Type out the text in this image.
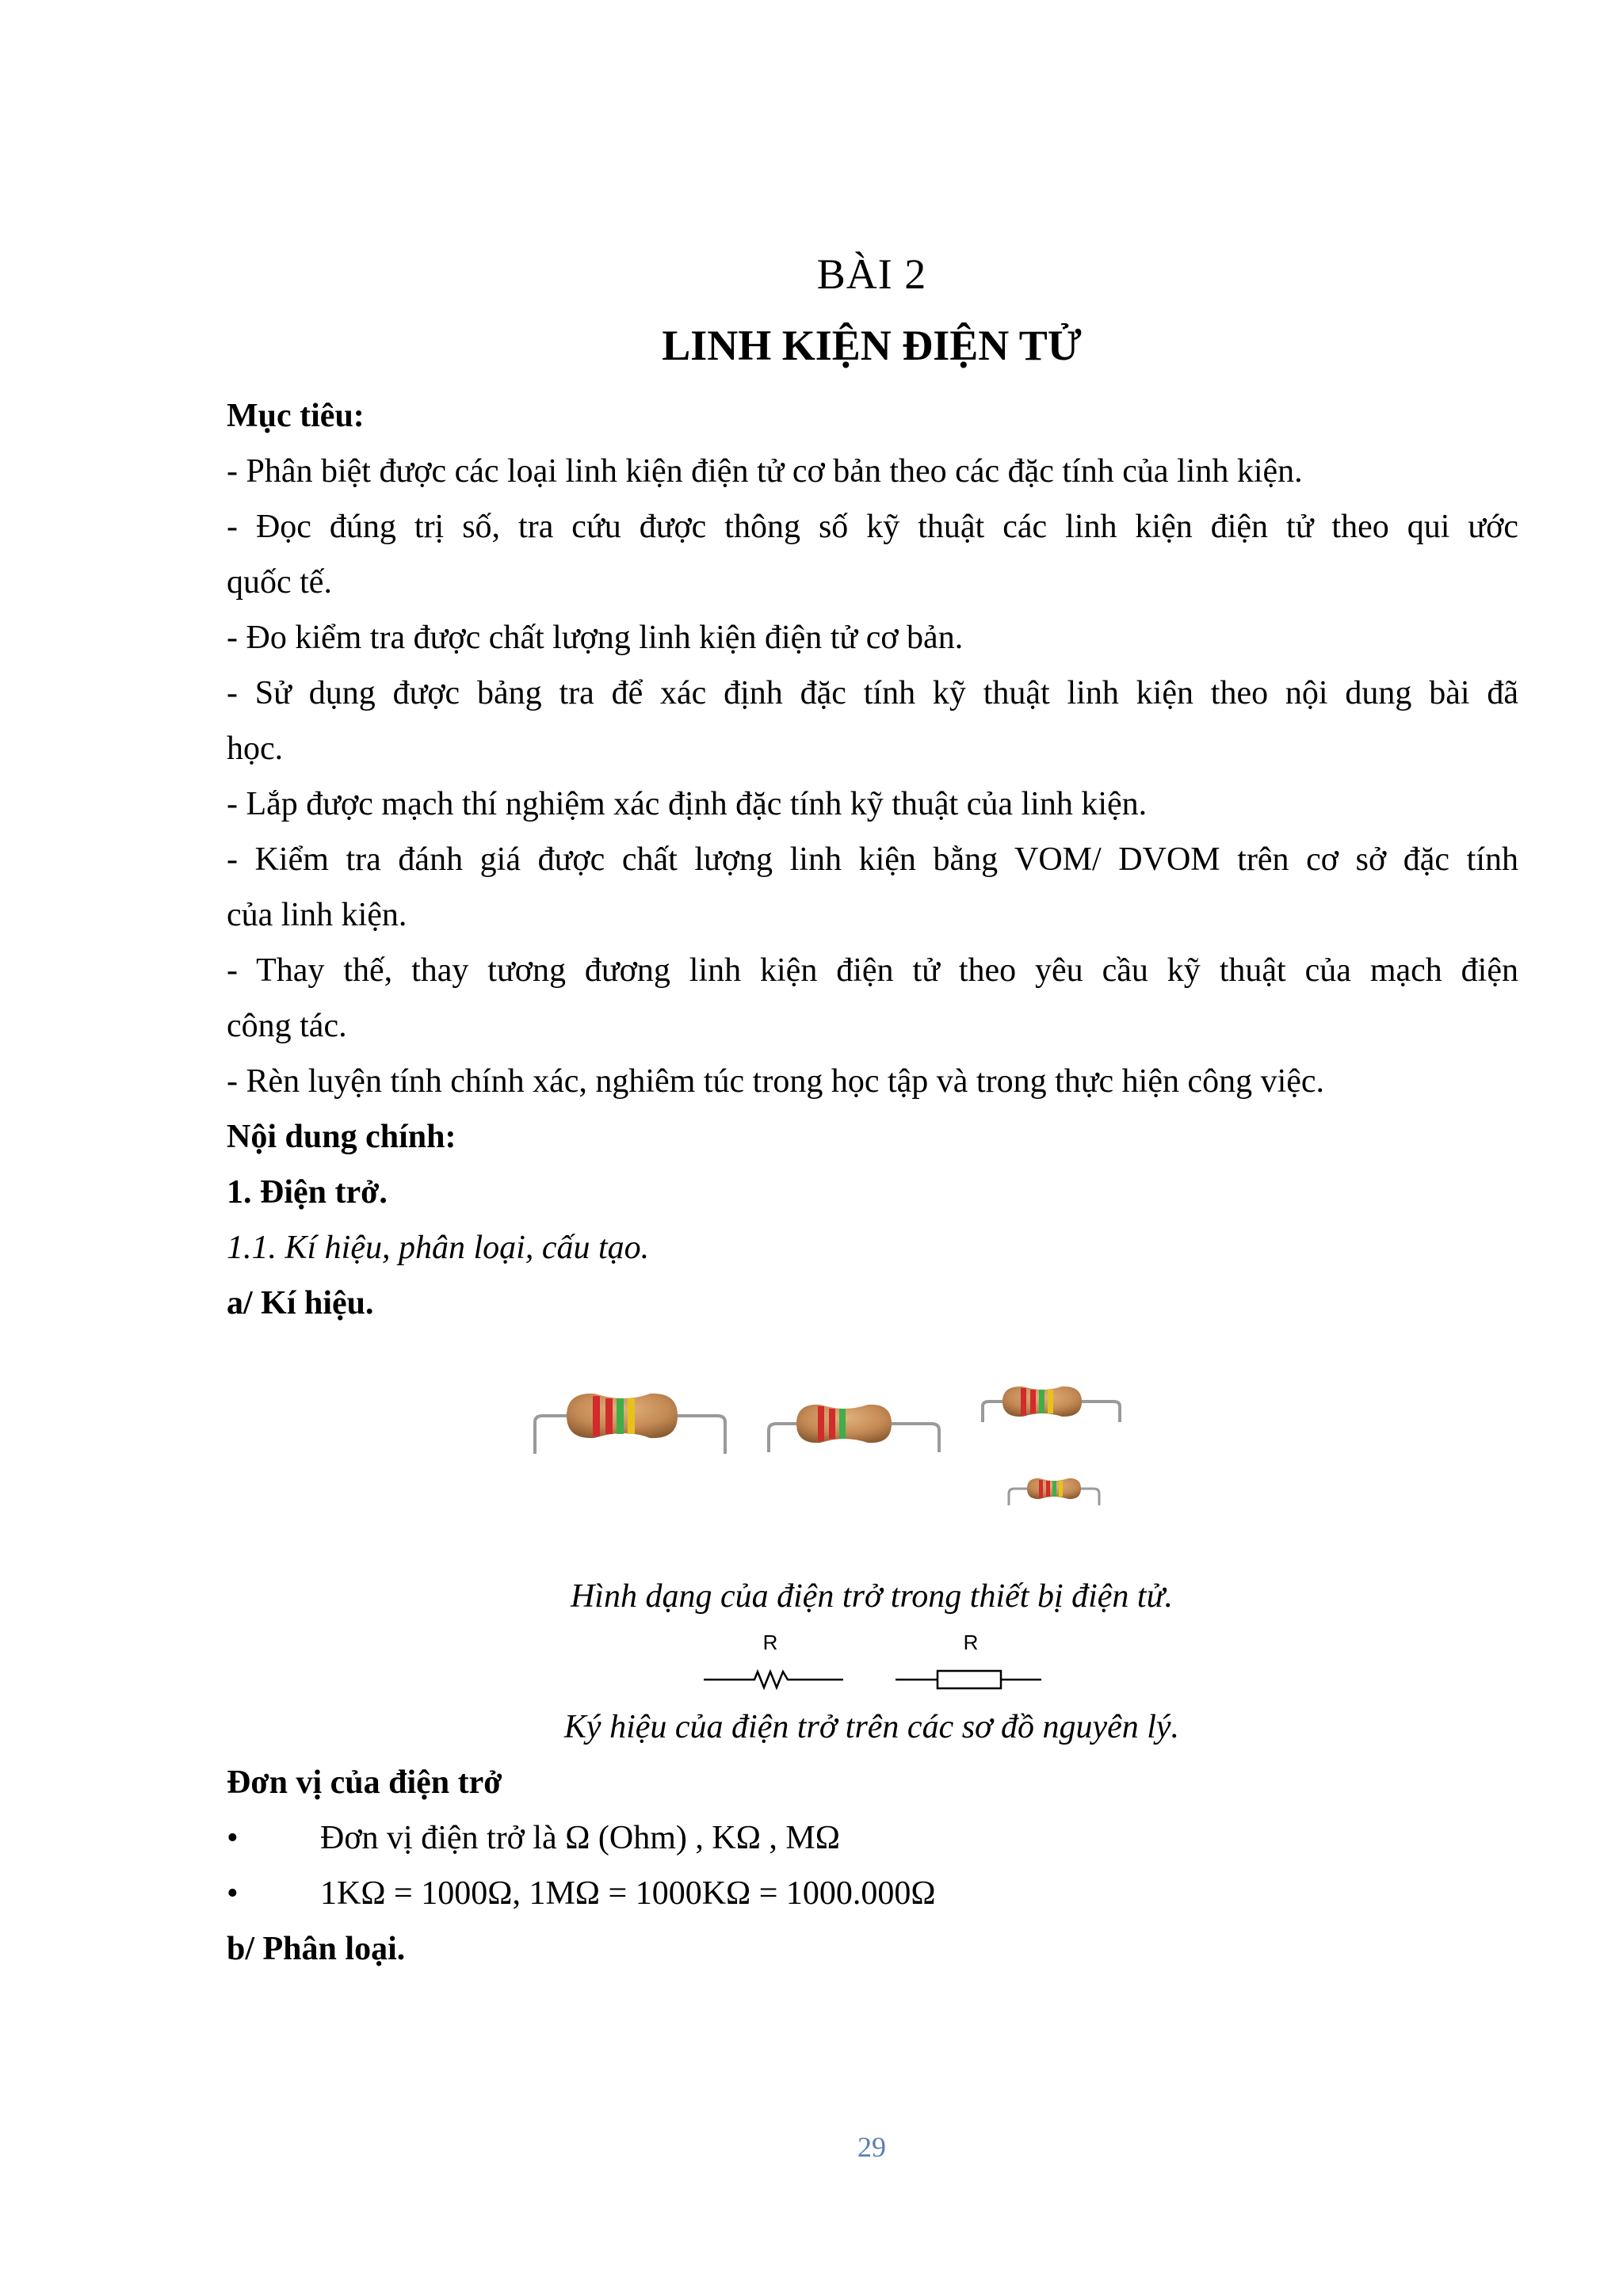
BÀI 2
LINH KIỆN ĐIỆN TỬ
Mục tiêu:
- Phân biệt được các loại linh kiện điện tử cơ bản theo các đặc tính của linh kiện.
- Đọc đúng trị số, tra cứu được thông số kỹ thuật các linh kiện điện tử theo qui ước
quốc tế.
- Đo kiểm tra được chất lượng linh kiện điện tử cơ bản.
- Sử dụng được bảng tra để xác định đặc tính kỹ thuật linh kiện theo nội dung bài đã
học.
- Lắp được mạch thí nghiệm xác định đặc tính kỹ thuật của linh kiện.
- Kiểm tra đánh giá được chất lượng linh kiện bằng VOM/ DVOM trên cơ sở đặc tính
của linh kiện.
- Thay thế, thay tương đương linh kiện điện tử theo yêu cầu kỹ thuật của mạch điện
công tác.
- Rèn luyện tính chính xác, nghiêm túc trong học tập và trong thực hiện công việc.
Nội dung chính:
1. Điện trở.
1.1. Kí hiệu, phân loại, cấu tạo.
a/ Kí hiệu.
Hình dạng của điện trở trong thiết bị điện tử.
R	R
Ký hiệu của điện trở trên các sơ đồ nguyên lý.
Đơn vị của điện trở
•	Đơn vị điện trở là Ω (Ohm) , KΩ , MΩ
•	1KΩ = 1000Ω, 1MΩ = 1000KΩ = 1000.000Ω
b/ Phân loại.
29
